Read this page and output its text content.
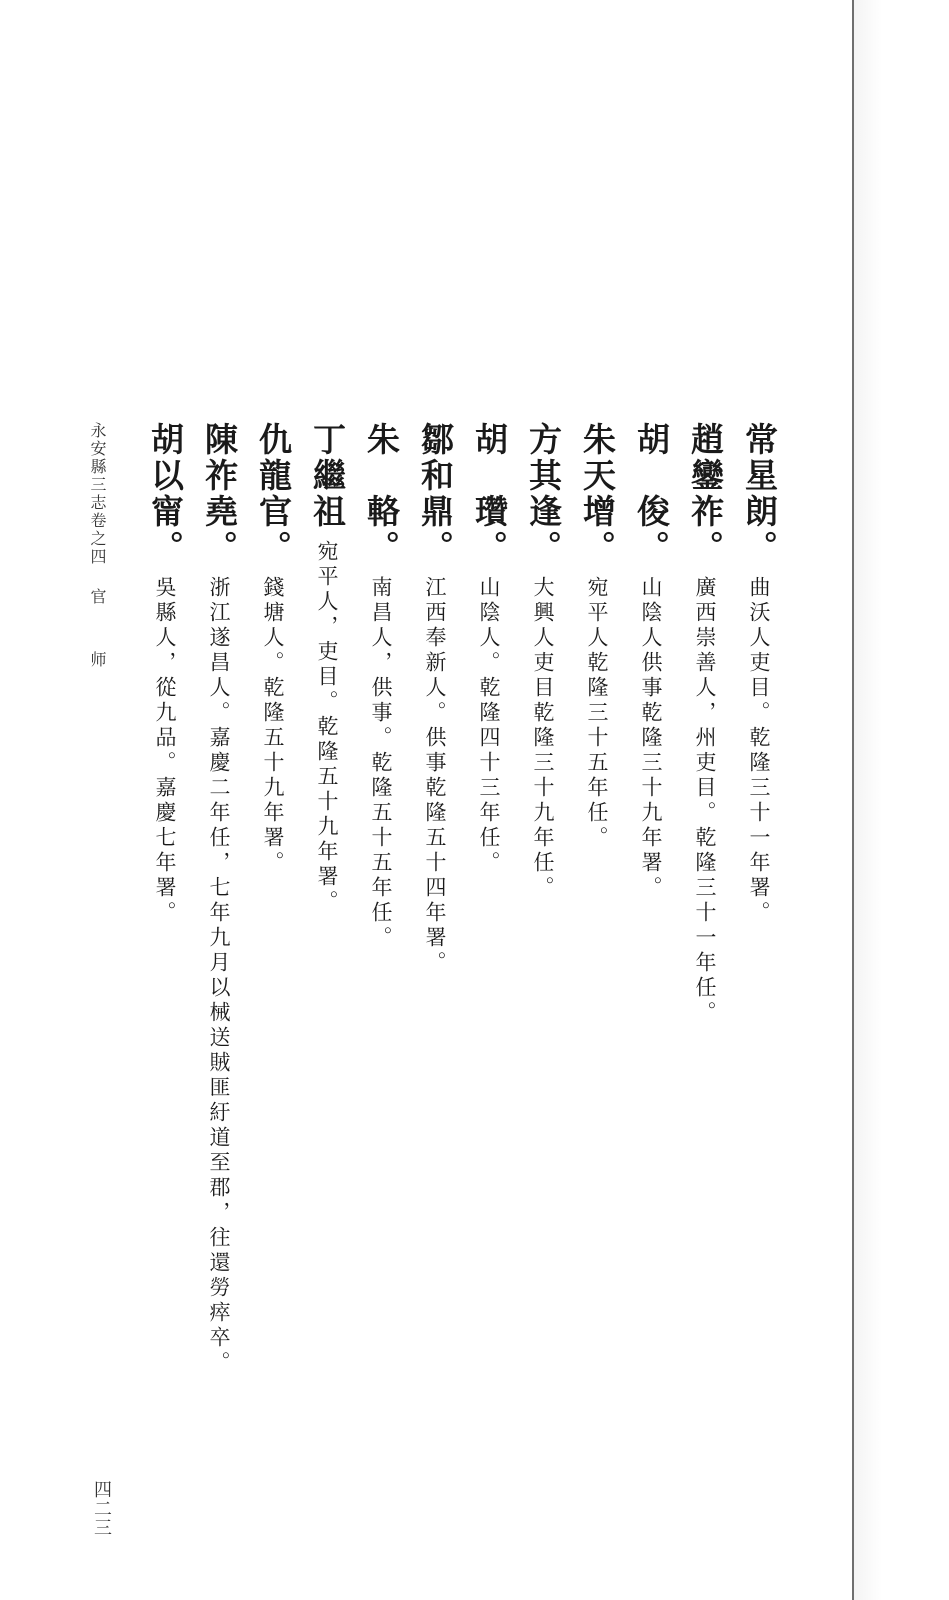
常星朗。曲沃人吏目。乾隆三十一年署。
趙鑾祚。廣西崇善人，州吏目。乾隆三十一年任。
胡　俊。山陰人供事乾隆三十九年署。
朱天增。宛平人乾隆三十五年任。
方其逢。大興人吏目乾隆三十九年任。
胡　瓚。山陰人。乾隆四十三年任。
鄒和鼎。江西奉新人。供事乾隆五十四年署。
朱　輅。南昌人，供事。乾隆五十五年任。
丁繼祖宛平人，吏目。乾隆五十九年署。
仇龍官。錢塘人。乾隆五十九年署。
陳祚堯。浙江遂昌人。嘉慶二年任，七年九月以械送賊匪紆道至郡，往還勞瘁卒。
胡以甯。吳縣人，從九品。嘉慶七年署。
永安縣三志卷之四官 师
四二三
